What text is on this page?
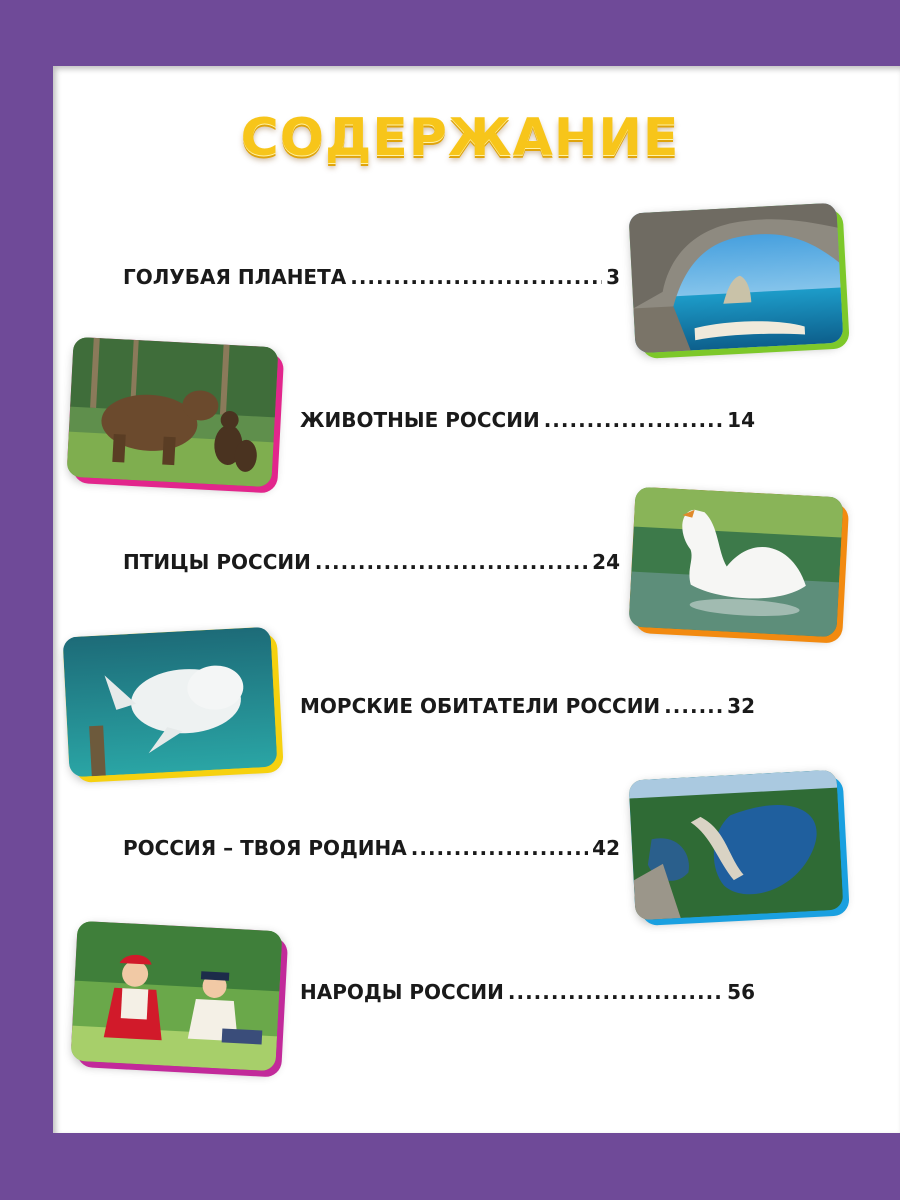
СОДЕРЖАНИЕ
ГОЛУБАЯ ПЛАНЕТА .....	3
ЖИВОТНЫЕ РОССИИ .....	14
ПТИЦЫ РОССИИ .....	24
МОРСКИЕ ОБИТАТЕЛИ РОССИИ .....	32
РОССИЯ – ТВОЯ РОДИНА .....	42
НАРОДЫ РОССИИ .....	56
